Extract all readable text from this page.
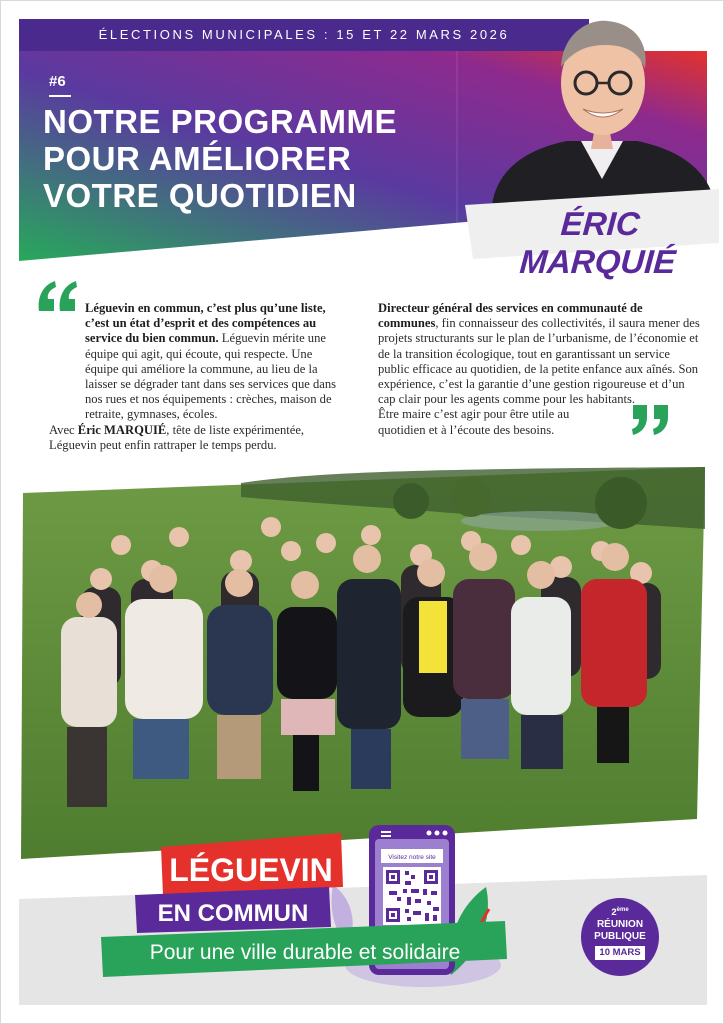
ÉLECTIONS MUNICIPALES : 15 ET 22 MARS 2026
#6
NOTRE PROGRAMME
POUR AMÉLIORER
VOTRE QUOTIDIEN
ÉRIC MARQUIÉ

Léguevin en commun, c’est plus qu’une liste, c’est un état d’esprit et des compétences au service du bien commun. Léguevin mérite une équipe qui agit, qui écoute, qui respecte. Une équipe qui améliore la commune, au lieu de la laisser se dégrader tant dans ses services que dans nos rues et nos équipements : crèches, maison de retraite, gymnases, écoles.

Avec Éric MARQUIÉ, tête de liste expérimentée, Léguevin peut enfin rattraper le temps perdu.

Directeur général des services en communauté de communes, fin connaisseur des collectivités, il saura mener des projets structurants sur le plan de l’urbanisme, de l’économie et de la transition écologique, tout en garantissant un service public efficace au quotidien, de la petite enfance aux aînés. Son expérience, c’est la garantie d’une gestion rigoureuse et d’un cap clair pour les agents comme pour les habitants.

Être maire c’est agir pour être utile au quotidien et à l’écoute des besoins.

Visitez notre site
LÉGUEVIN
EN COMMUN
Pour une ville durable et solidaire
2ème
RÉUNION
PUBLIQUE
10 MARS
